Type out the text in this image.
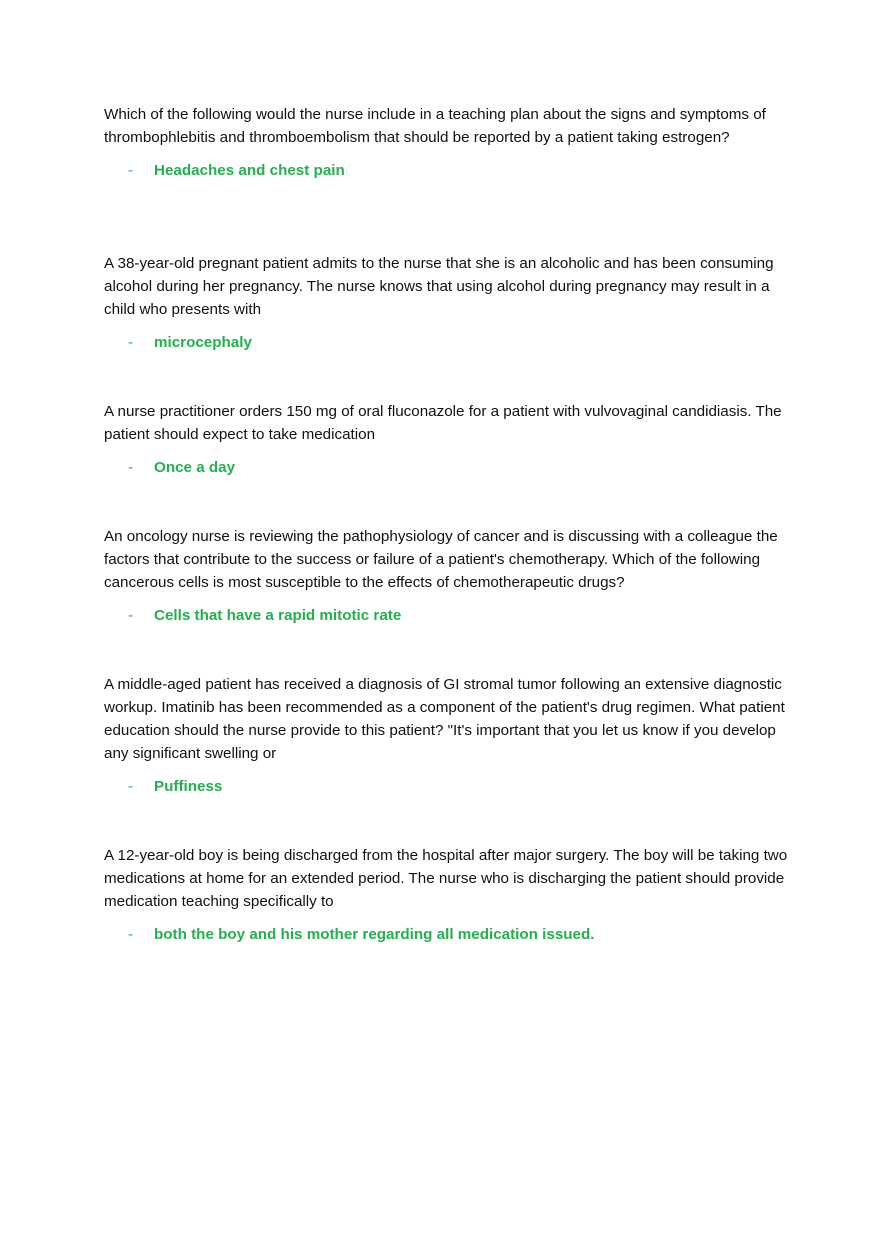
Which of the following would the nurse include in a teaching plan about the signs and symptoms of thrombophlebitis and thromboembolism that should be reported by a patient taking estrogen?

-	Headaches and chest pain

A 38-year-old pregnant patient admits to the nurse that she is an alcoholic and has been consuming alcohol during her pregnancy. The nurse knows that using alcohol during pregnancy may result in a child who presents with

-	microcephaly

A nurse practitioner orders 150 mg of oral fluconazole for a patient with vulvovaginal candidiasis. The patient should expect to take medication

-	Once a day

An oncology nurse is reviewing the pathophysiology of cancer and is discussing with a colleague the factors that contribute to the success or failure of a patient's chemotherapy. Which of the following cancerous cells is most susceptible to the effects of chemotherapeutic drugs?

-	Cells that have a rapid mitotic rate

A middle-aged patient has received a diagnosis of GI stromal tumor following an extensive diagnostic workup. Imatinib has been recommended as a component of the patient's drug regimen. What patient education should the nurse provide to this patient? "It's important that you let us know if you develop any significant swelling or

-	Puffiness

A 12-year-old boy is being discharged from the hospital after major surgery. The boy will be taking two medications at home for an extended period. The nurse who is discharging the patient should provide medication teaching specifically to

-	both the boy and his mother regarding all medication issued.
